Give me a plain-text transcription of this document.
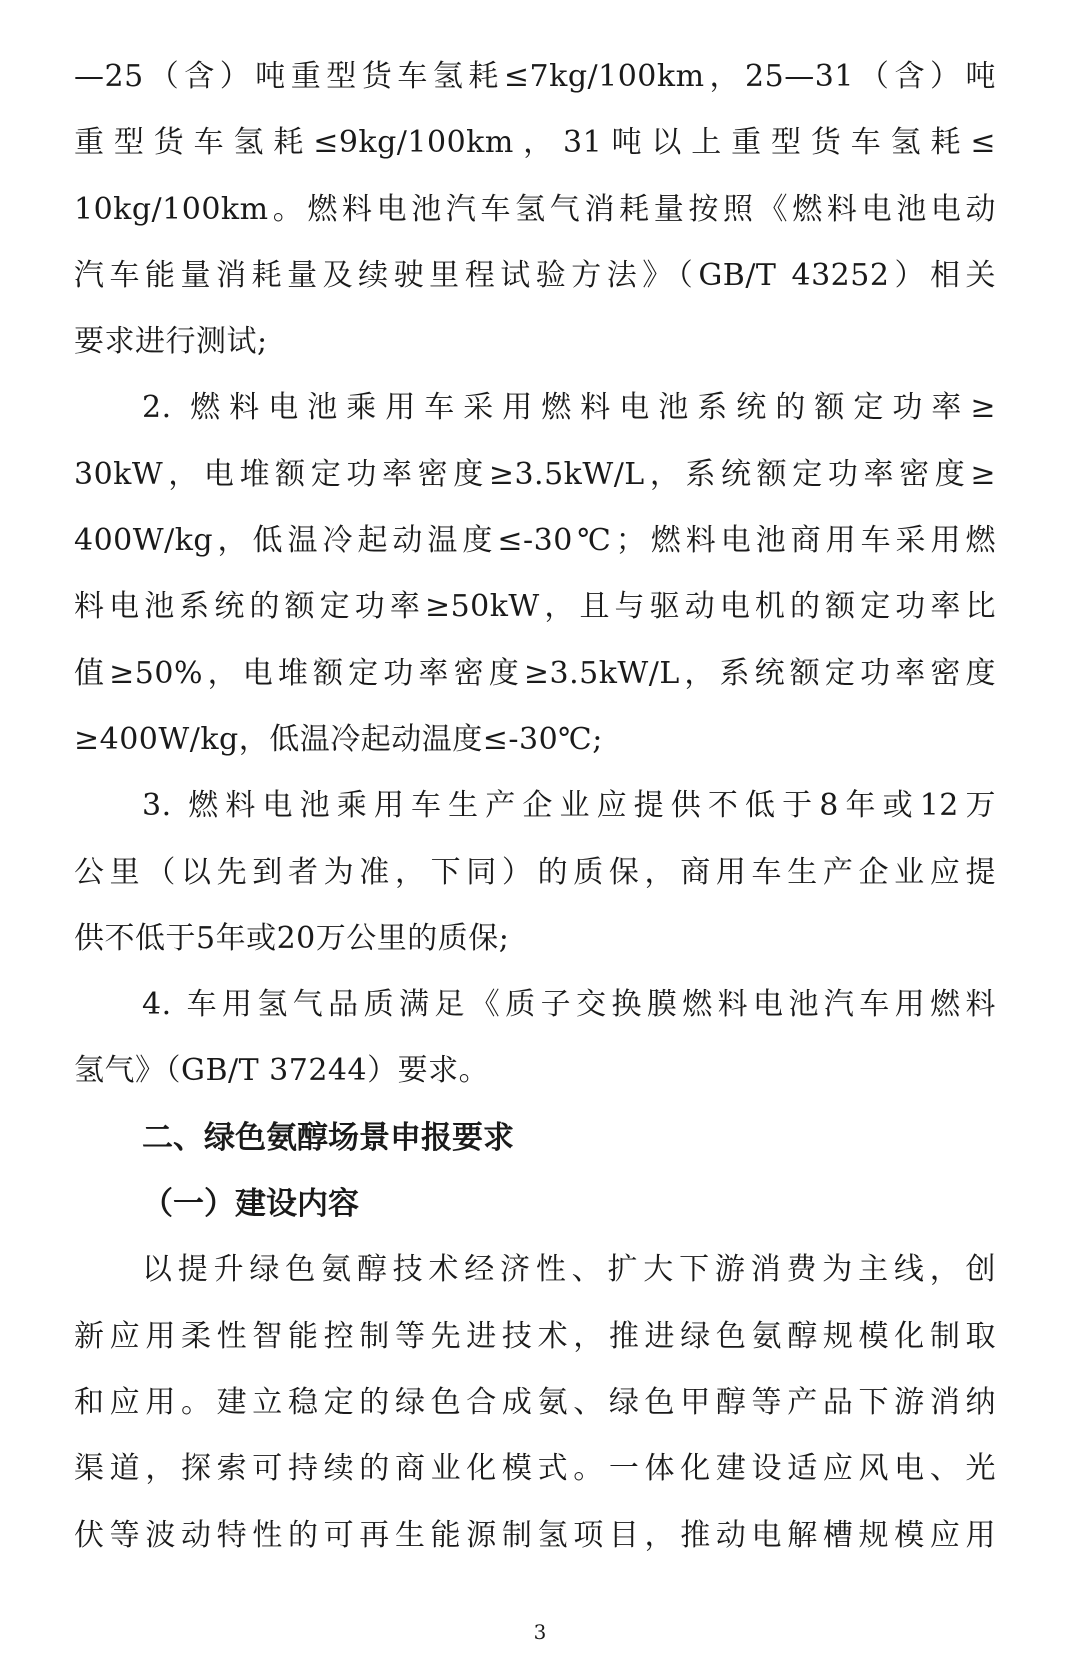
—25（含）吨重型货车氢耗≤7kg/100km，25—31（含）吨
重型货车氢耗≤9kg/100km，31吨以上重型货车氢耗≤
10kg/100km。燃料电池汽车氢气消耗量按照《燃料电池电动
汽车能量消耗量及续驶里程试验方法》（GB/T 43252）相关
要求进行测试;
2. 燃料电池乘用车采用燃料电池系统的额定功率≥
30kW，电堆额定功率密度≥3.5kW/L，系统额定功率密度≥
400W/kg，低温冷起动温度≤-30℃；燃料电池商用车采用燃
料电池系统的额定功率≥50kW，且与驱动电机的额定功率比
值≥50%，电堆额定功率密度≥3.5kW/L，系统额定功率密度
≥400W/kg，低温冷起动温度≤-30℃;
3. 燃料电池乘用车生产企业应提供不低于8年或12万
公里（以先到者为准，下同）的质保，商用车生产企业应提
供不低于5年或20万公里的质保;
4. 车用氢气品质满足《质子交换膜燃料电池汽车用燃料
氢气》（GB/T 37244）要求。
二、绿色氨醇场景申报要求
（一）建设内容
以提升绿色氨醇技术经济性、扩大下游消费为主线，创
新应用柔性智能控制等先进技术，推进绿色氨醇规模化制取
和应用。建立稳定的绿色合成氨、绿色甲醇等产品下游消纳
渠道，探索可持续的商业化模式。一体化建设适应风电、光
伏等波动特性的可再生能源制氢项目，推动电解槽规模应用
3
